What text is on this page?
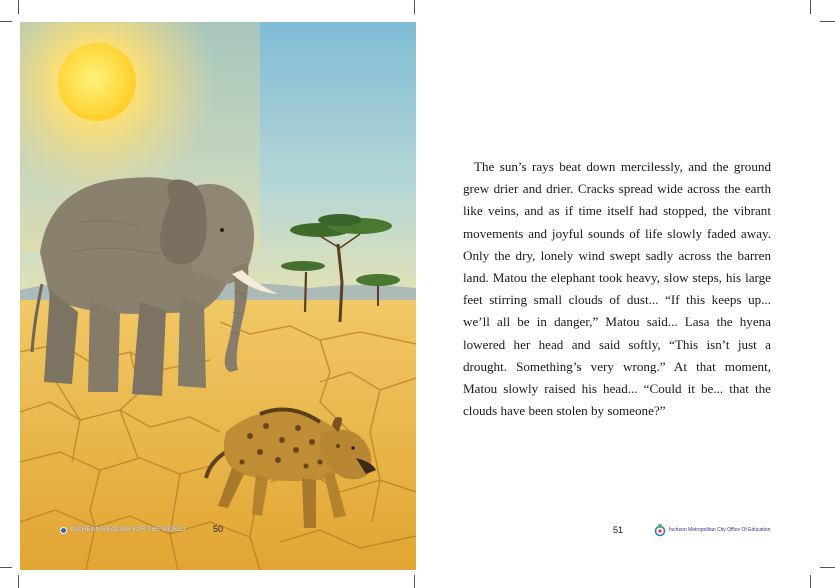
INCHEON READING FOR THE WORLD	50

The sun’s rays beat down mercilessly, and the ground grew drier and drier. Cracks spread wide across the earth like veins, and as if time itself had stopped, the vibrant movements and joyful sounds of life slowly faded away. Only the dry, lonely wind swept sadly across the barren land. Matou the elephant took heavy, slow steps, his large feet stirring small clouds of dust... “If this keeps up... we’ll all be in danger,” Matou said... Lasa the hyena lowered her head and said softly, “This isn’t just a drought. Something’s very wrong.” At that moment, Matou slowly raised his head... “Could it be... that the clouds have been stolen by someone?”

51	Incheon Metropolitan City Office Of Education
